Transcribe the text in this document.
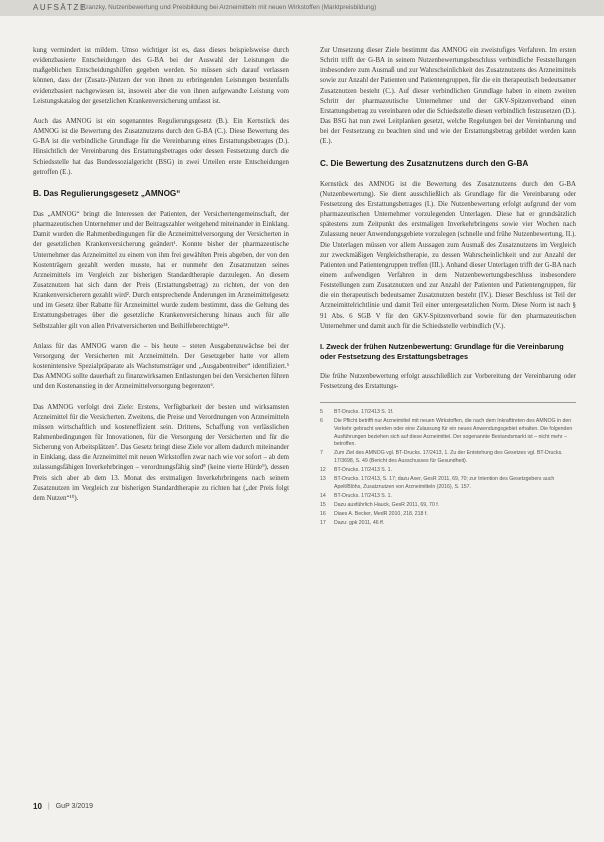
AUFSÄTZE
Kranzky, Nutzenbewertung und Preisbildung bei Arzneimitteln mit neuen Wirkstoffen (Marktpreisbildung)

kung vermindert ist mildern. Umso wichtiger ist es, dass dieses beispielsweise durch evidenzbasierte Entscheidungen des G-BA bei der Auswahl der Leistungen die maßgeblichen Entscheidungshilfen gegeben werden. So müssen sich darauf verlassen können, dass der (Zusatz-)Nutzen der von ihnen zu erbringenden Leistungen bestenfalls evidenzbasiert nachgewiesen ist, insoweit aber die von ihnen aufgewandte Leistung vom Leistungskatalog der gesetzlichen Krankenversicherung umfasst ist.

Auch das AMNOG ist ein sogenanntes Regulierungsgesetz (B.). Ein Kernstück des AMNOG ist die Bewertung des Zusatznutzens durch den G-BA (C.). Diese Bewertung des G-BA ist die verbindliche Grundlage für die Vereinbarung eines Erstattungsbetrages (D.). Hinsichtlich der Vereinbarung des Erstattungsbetrages oder dessen Festsetzung durch die Schiedsstelle hat das Bundessozialgericht (BSG) in zwei Urteilen erste Entscheidungen getroffen (E.).

B. Das Regulierungsgesetz „AMNOG“

Das „AMNOG“ bringt die Interessen der Patienten, der Versichertengemeinschaft, der pharmazeutischen Unternehmer und der Beitragszahler weitgehend miteinander in Einklang. Damit wurden die Rahmenbedingungen für die Arzneimittelversorgung der Versicherten in der gesetzlichen Krankenversicherung geändert¹. Konnte bisher der pharmazeutische Unternehmer das Arzneimittel zu einem von ihm frei gewählten Preis abgeben, der von den Kostenträgern gezahlt werden musste, hat er nunmehr den Zusatznutzen seines Arzneimittels im Vergleich zur bisherigen Standardtherapie darzulegen. An diesem Zusatznutzen hat sich dann der Preis (Erstattungsbetrag) zu richten, der von den Krankenversicherern gezahlt wird². Durch entsprechende Änderungen im Arzneimittelgesetz und im Gesetz über Rabatte für Arzneimittel wurde zudem bestimmt, dass die Geltung des Erstattungsbetrages über die gesetzliche Krankenversicherung hinaus auch für alle Selbstzahler gilt von allen Privatversicherten und Beihilfeberechtigte³⁴.

Anlass für das AMNOG waren die – bis heute – steten Ausgabenzuwächse bei der Versorgung der Versicherten mit Arzneimitteln. Der Gesetzgeber hatte vor allem kostenintensive Spezialpräparate als Wachstumsträger und „Ausgabentreiber“ identifiziert.⁵ Das AMNOG sollte dauerhaft zu finanzwirksamen Entlastungen bei den Versicherten führen und den Kostenanstieg in der Arzneimittelversorgung begrenzen⁶.

Das AMNOG verfolgt drei Ziele: Erstens, Verfügbarkeit der besten und wirksamsten Arzneimittel für die Versicherten. Zweitens, die Preise und Verordnungen von Arzneimitteln müssen wirtschaftlich und kosteneffizient sein. Drittens, Schaffung von verlässlichen Rahmenbedingungen für Innovationen, für die Versorgung der Versicherten und für die Sicherung von Arbeitsplätzen⁷. Das Gesetz bringt diese Ziele vor allem dadurch miteinander in Einklang, dass die Arzneimittel mit neuen Wirkstoffen zwar nach wie vor sofort – ab dem zulassungsfähigen Inverkehrbringen – verordnungsfähig sind⁸ (keine vierte Hürde⁹), dessen Preis sich aber ab dem 13. Monat des erstmaligen Inverkehrbringens nach seinem Zusatznutzen im Vergleich zur bisherigen Standardtherapie zu richten hat („der Preis folgt dem Nutzen“¹⁰).

Zur Umsetzung dieser Ziele bestimmt das AMNOG ein zweistufiges Verfahren. Im ersten Schritt trifft der G-BA in seinem Nutzenbewertungsbeschluss verbindliche Feststellungen insbesondere zum Ausmaß und zur Wahrscheinlichkeit des Zusatznutzens des Arzneimittels sowie zur Anzahl der Patienten und Patientengruppen, für die ein therapeutisch bedeutsamer Zusatznutzen besteht (C.). Auf dieser verbindlichen Grundlage haben in einem zweiten Schritt der pharmazeutische Unternehmer und der GKV-Spitzenverband einen Erstattungsbetrag zu vereinbaren oder die Schiedsstelle diesen verbindlich festzusetzen (D.). Das BSG hat nun zwei Leitplanken gesetzt, welche Regelungen bei der Vereinbarung und bei der Festsetzung zu beachten sind und wie der Erstattungsbetrag gebildet werden kann (E.).

C. Die Bewertung des Zusatznutzens durch den G-BA

Kernstück des AMNOG ist die Bewertung des Zusatznutzens durch den G-BA (Nutzenbewertung). Sie dient ausschließlich als Grundlage für die Vereinbarung oder Festsetzung des Erstattungsbetrages (I.). Die Nutzenbewertung erfolgt aufgrund der vom pharmazeutischen Unternehmer vorzulegenden Unterlagen. Diese hat er grundsätzlich spätestens zum Zeitpunkt des erstmaligen Inverkehrbringens sowie vier Wochen nach Zulassung neuer Anwendungsgebiete vorzulegen (schnelle und frühe Nutzenbewertung, II.). Die Unterlagen müssen vor allem Aussagen zum Ausmaß des Zusatznutzens im Vergleich zur zweckmäßigen Vergleichstherapie, zu dessen Wahrscheinlichkeit und zur Anzahl der Patienten und Patientengruppen treffen (III.). Anhand dieser Unterlagen trifft der G-BA nach einem aufwendigen Verfahren in dem Nutzenbewertungsbeschluss insbesondere Feststellungen zum Zusatznutzen und zur Anzahl der Patienten und Patientengruppen, für die ein therapeutisch bedeutsamer Zusatznutzen besteht (IV.). Dieser Beschluss ist Teil der Arzneimittelrichtlinie und damit Teil einer untergesetzlichen Norm. Diese Norm ist nach § 91 Abs. 6 SGB V für den GKV-Spitzenverband sowie für den pharmazeutischen Unternehmer und damit auch für die Schiedsstelle verbindlich (V.).

I. Zweck der frühen Nutzenbewertung: Grundlage für die Vereinbarung oder Festsetzung des Erstattungsbetrages

Die frühe Nutzenbewertung erfolgt ausschließlich zur Vorbereitung der Vereinbarung oder Festsetzung des Erstattungs-

5	BT-Drucks. 17/2413 S. 1f.
6	Die Pflicht betrifft nur Arzneimittel mit neuen Wirkstoffen, die nach dem Inkrafttreten des AMNOG in den Verkehr gebracht werden oder eine Zulassung für ein neues Anwendungsgebiet erhalten. Die folgenden Ausführungen beziehen sich auf diese Arzneimittel. Der sogenannte Bestandsmarkt ist – nicht mehr – betroffen.
7	Zum Ziel des AMNOG vgl. BT-Drucks. 17/2413, 1. Zu der Entstehung des Gesetzes vgl. BT-Drucks. 17/3698, S. 49 (Bericht des Ausschusses für Gesundheit).
12	BT-Drucks. 17/2413 S. 1.
13	BT-Drucks. 17/2413, S. 17; dazu Axer, GesR 2011, 69, 70; zur Intention des Gesetzgebers auch Apelt/Blöhs, Zusatznutzen von Arzneimitteln (2016), S. 157.
14	BT-Drucks. 17/2413 S. 1.
15	Dazu ausführlich Hauck, GesR 2011, 69, 70 f.
16	Diaes A. Becker, MedR 2010, 218, 218 f.
17	Dazu: gpk 2011, 46 ff.
10 | GuP 3/2019
